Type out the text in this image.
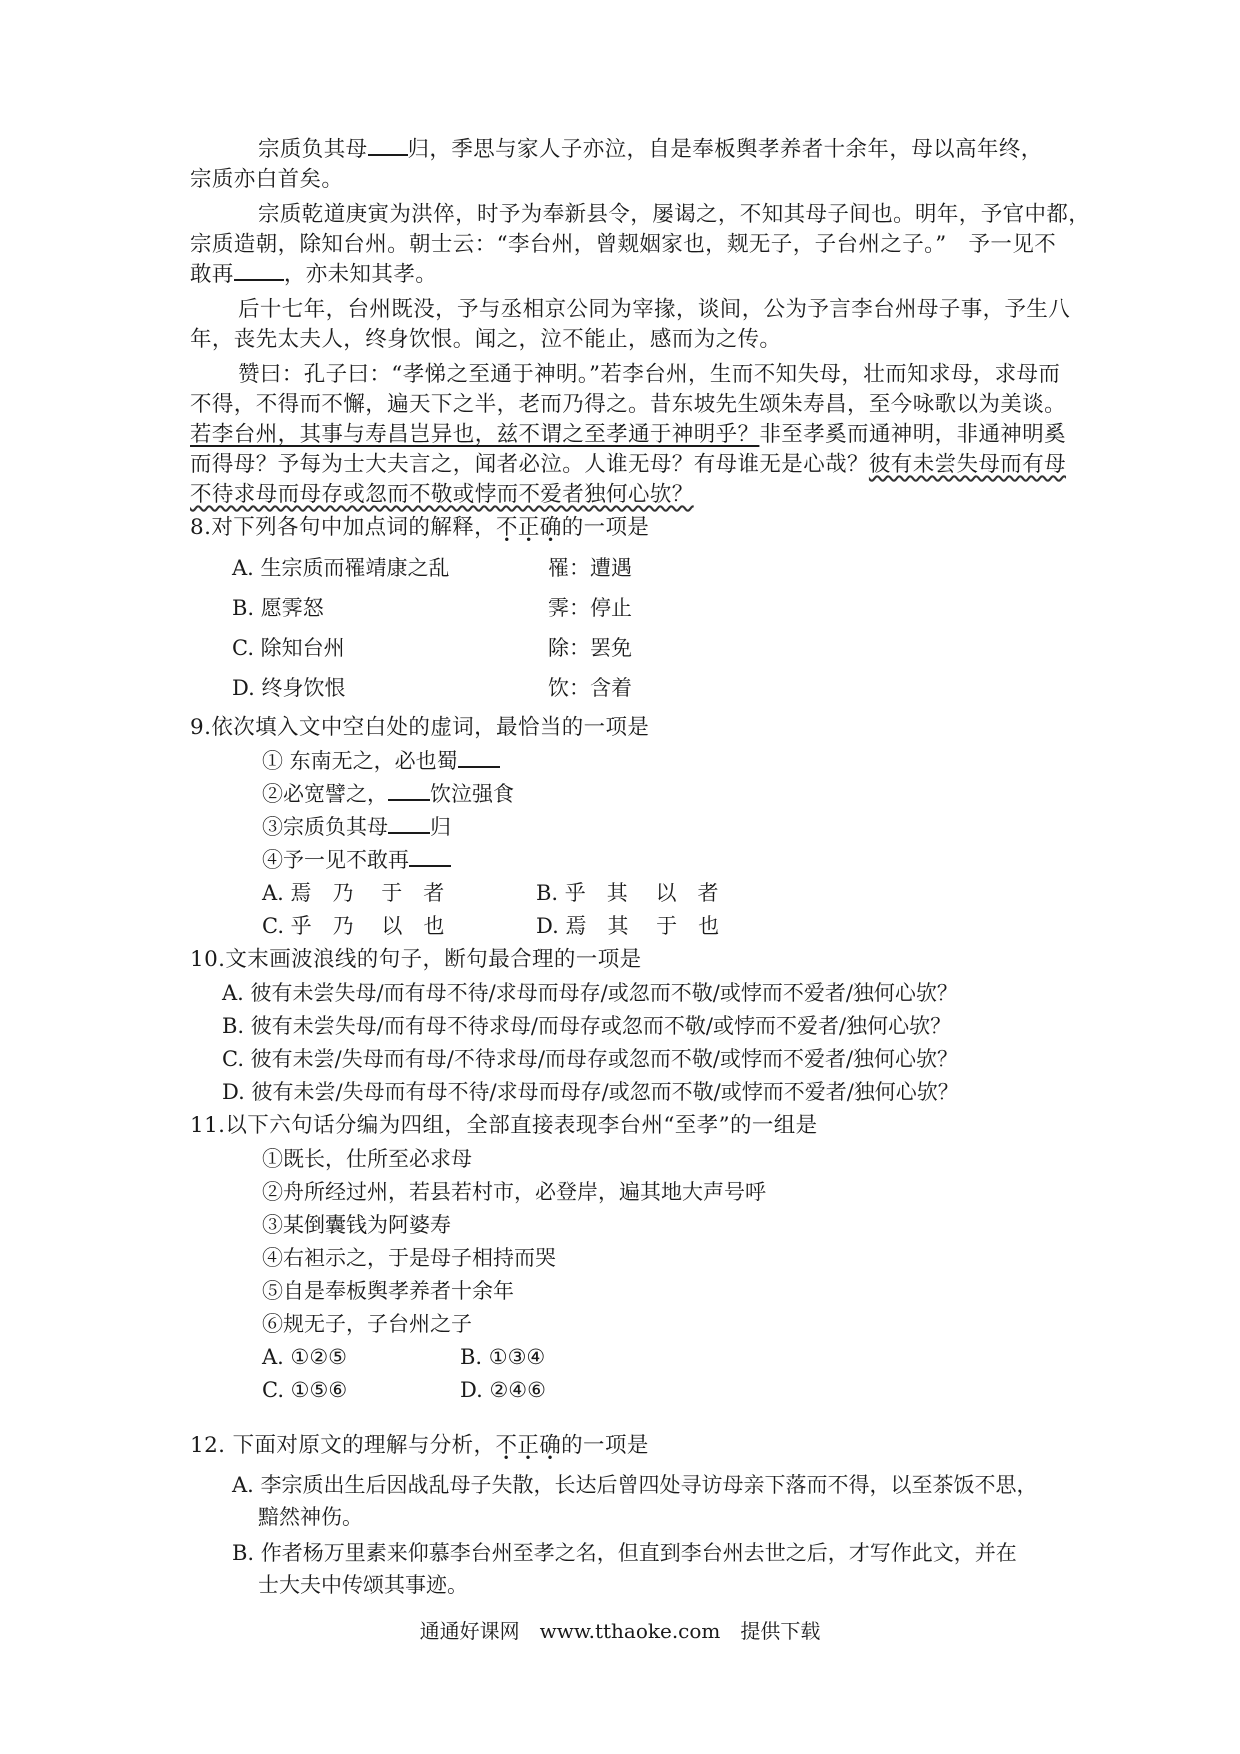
宗质负其母 归，季思与家人子亦泣，自是奉板舆孝养者十余年，母以高年终，
宗质亦白首矣。
宗质乾道庚寅为洪倅，时予为奉新县令，屡谒之，不知其母子间也。明年，予官中都，
宗质造朝，除知台州。朝士云：“李台州，曾觌姻家也，觌无子，子台州之子。”　予一见不
敢再 ，亦未知其孝。
后十七年，台州既没，予与丞相京公同为宰掾，谈间，公为予言李台州母子事，予生八
年，丧先太夫人，终身饮恨。闻之，泣不能止，感而为之传。
赞曰：孔子曰：“孝悌之至通于神明。”若李台州，生而不知失母，壮而知求母，求母而
不得，不得而不懈，遍天下之半，老而乃得之。昔东坡先生颂朱寿昌，至今咏歌以为美谈。
若李台州，其事与寿昌岂异也，兹不谓之至孝通于神明乎？非至孝奚而通神明，非通神明奚
而得母？予每为士大夫言之，闻者必泣。人谁无母？有母谁无是心哉？彼有未尝失母而有母
不待求母而母存或忽而不敬或悖而不爱者独何心欤？
8.对下列各句中加点词的解释，不正确的一项是
A. 生宗质而罹靖康之乱	罹：遭遇
B. 愿霁怒	霁：停止
C. 除知台州	除：罢免
D. 终身饮恨	饮：含着
9.依次填入文中空白处的虚词，最恰当的一项是
① 东南无之，必也蜀
②必宽譬之， 饮泣强食
③宗质负其母 归
④予一见不敢再
A. 焉　乃　 于　者	B. 乎　其　 以　者
C. 乎　乃　 以　也	D. 焉　其　 于　也
10.文末画波浪线的句子，断句最合理的一项是
A. 彼有未尝失母/而有母不待/求母而母存/或忽而不敬/或悖而不爱者/独何心欤？
B. 彼有未尝失母/而有母不待求母/而母存或忽而不敬/或悖而不爱者/独何心欤？
C. 彼有未尝/失母而有母/不待求母/而母存或忽而不敬/或悖而不爱者/独何心欤？
D. 彼有未尝/失母而有母不待/求母而母存/或忽而不敬/或悖而不爱者/独何心欤？
11.以下六句话分编为四组，全部直接表现李台州“至孝”的一组是
①既长，仕所至必求母
②舟所经过州，若县若村市，必登岸，遍其地大声号呼
③某倒囊钱为阿婆寿
④右袒示之，于是母子相持而哭
⑤自是奉板舆孝养者十余年
⑥规无子，子台州之子
A. ①②⑤	B. ①③④
C. ①⑤⑥	D. ②④⑥
12. 下面对原文的理解与分析，不正确的一项是
A. 李宗质出生后因战乱母子失散，长达后曾四处寻访母亲下落而不得，以至茶饭不思，
黯然神伤。
B. 作者杨万里素来仰慕李台州至孝之名，但直到李台州去世之后，才写作此文，并在
士大夫中传颂其事迹。
通通好课网　www.tthaoke.com　提供下载
